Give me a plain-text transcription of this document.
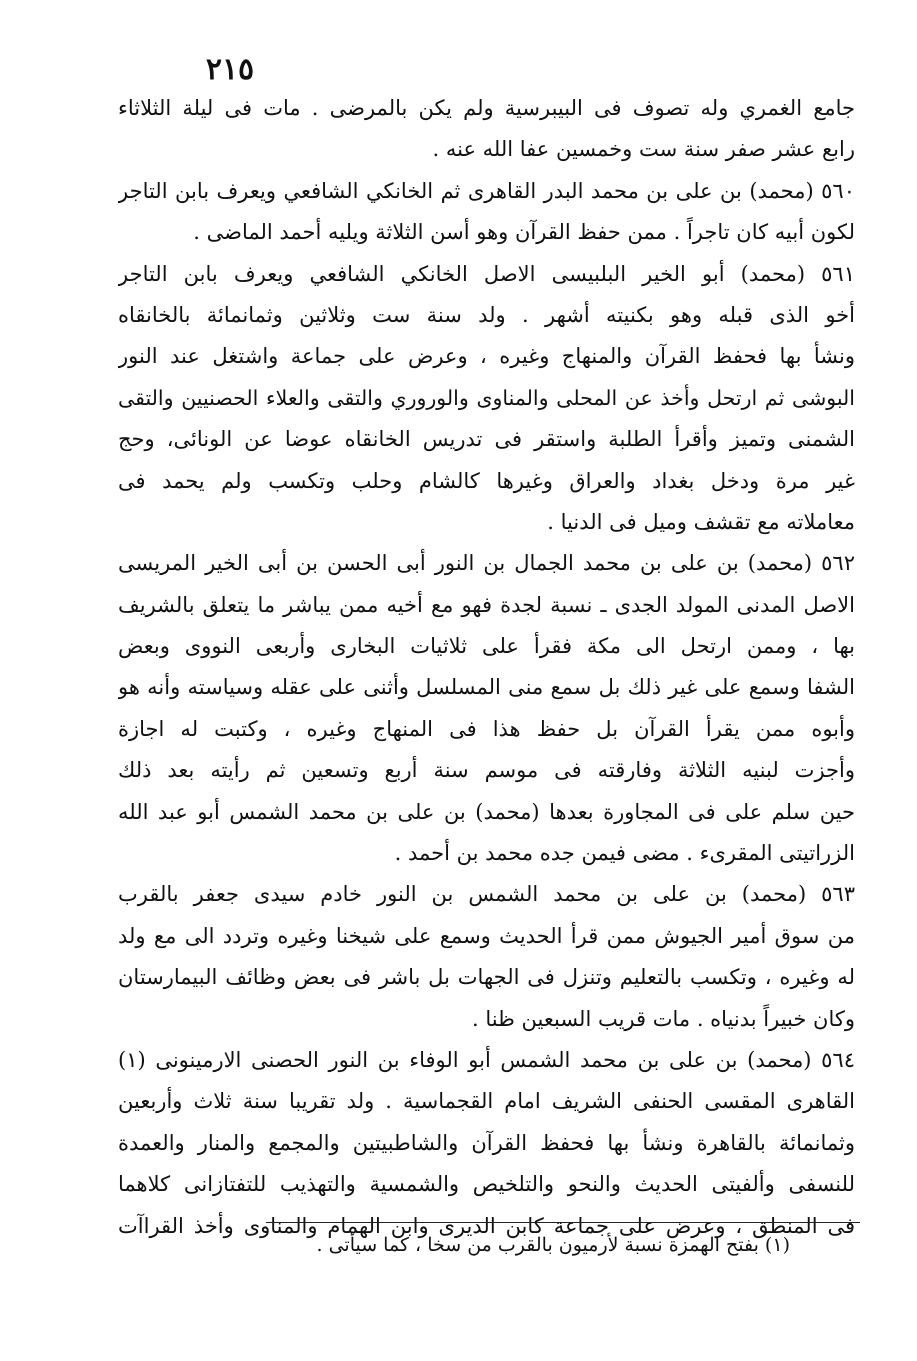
٢١٥
جامع الغمري وله تصوف فى البيبرسية ولم يكن بالمرضى . مات فى ليلة الثلاثاء
رابع عشر صفر سنة ست وخمسين عفا الله عنه .
٥٦٠ (محمد) بن على بن محمد البدر القاهرى ثم الخانكي الشافعي ويعرف بابن التاجر
لكون أبيه كان تاجراً . ممن حفظ القرآن وهو أسن الثلاثة ويليه أحمد الماضى .
٥٦١ (محمد) أبو الخير البلبيسى الاصل الخانكي الشافعي ويعرف بابن التاجر
أخو الذى قبله وهو بكنيته أشهر . ولد سنة ست وثلاثين وثمانمائة بالخانقاه
ونشأ بها فحفظ القرآن والمنهاج وغيره ، وعرض على جماعة واشتغل عند النور
البوشى ثم ارتحل وأخذ عن المحلى والمناوى والوروري والتقى والعلاء الحصنيين والتقى
الشمنى وتميز وأقرأ الطلبة واستقر فى تدريس الخانقاه عوضا عن الونائى، وحج
غير مرة ودخل بغداد والعراق وغيرها كالشام وحلب وتكسب ولم يحمد فى
معاملاته مع تقشف وميل فى الدنيا .
٥٦٢ (محمد) بن على بن محمد الجمال بن النور أبى الحسن بن أبى الخير المريسى
الاصل المدنى المولد الجدى ـ نسبة لجدة فهو مع أخيه ممن يباشر ما يتعلق بالشريف
بها ، وممن ارتحل الى مكة فقرأ على ثلاثيات البخارى وأربعى النووى وبعض
الشفا وسمع على غير ذلك بل سمع منى المسلسل وأثنى على عقله وسياسته وأنه هو
وأبوه ممن يقرأ القرآن بل حفظ هذا فى المنهاج وغيره ، وكتبت له اجازة
وأجزت لبنيه الثلاثة وفارقته فى موسم سنة أربع وتسعين ثم رأيته بعد ذلك
حين سلم على فى المجاورة بعدها (محمد) بن على بن محمد الشمس أبو عبد الله
الزراتيتى المقرىء . مضى فيمن جده محمد بن أحمد .
٥٦٣ (محمد) بن على بن محمد الشمس بن النور خادم سيدى جعفر بالقرب
من سوق أمير الجيوش ممن قرأ الحديث وسمع على شيخنا وغيره وتردد الى مع ولد
له وغيره ، وتكسب بالتعليم وتنزل فى الجهات بل باشر فى بعض وظائف البيمارستان
وكان خبيراً بدنياه . مات قريب السبعين ظنا .
٥٦٤ (محمد) بن على بن محمد الشمس أبو الوفاء بن النور الحصنى الارمينونى (١)
القاهرى المقسى الحنفى الشريف امام القجماسية . ولد تقريبا سنة ثلاث وأربعين
وثمانمائة بالقاهرة ونشأ بها فحفظ القرآن والشاطبيتين والمجمع والمنار والعمدة
للنسفى وألفيتى الحديث والنحو والتلخيص والشمسية والتهذيب للتفتازانى كلاهما
فى المنطق ، وعرض على جماعة كابن الديرى وابن الهمام والمناوى وأخذ القراآت
(١) بفتح الهمزة نسبة لأرميون بالقرب من سخا ، كما سيأتى .
